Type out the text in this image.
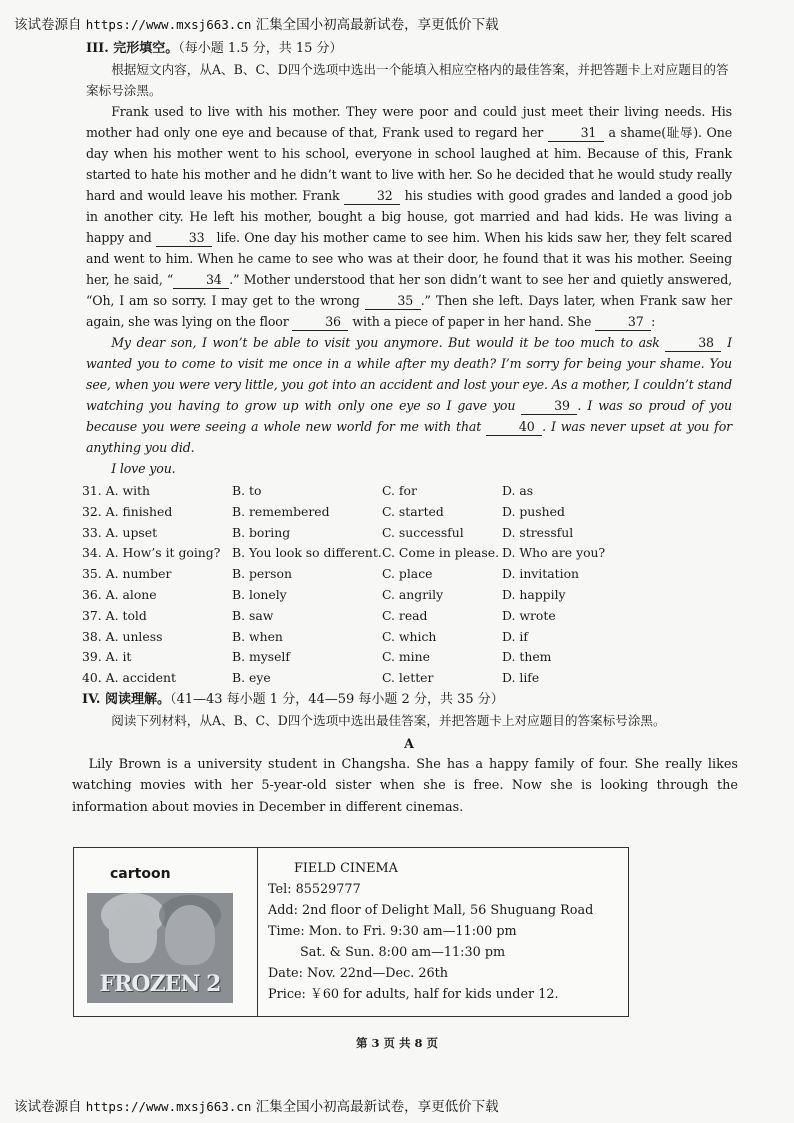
该试卷源自 https://www.mxsj663.cn 汇集全国小初高最新试卷，享更低价下载

III. 完形填空。（每小题 1.5 分，共 15 分）

根据短文内容，从A、B、C、D四个选项中选出一个能填入相应空格内的最佳答案，并把答题卡上对应题目的答案标号涂黑。

Frank used to live with his mother. They were poor and could just meet their living needs. His mother had only one eye and because of that, Frank used to regard her	31 a shame(耻辱). One day when his mother went to his school, everyone in school laughed at him. Because of this, Frank started to hate his mother and he didn’t want to live with her. So he decided that he would study really hard and would leave his mother. Frank	32 his studies with good grades and landed a good job in another city. He left his mother, bought a big house, got married and had kids. He was living a happy and	33 life. One day his mother came to see him. When his kids saw her, they felt scared and went to him. When he came to see who was at their door, he found that it was his mother. Seeing her, he said, “	34 .” Mother understood that her son didn’t want to see her and quietly answered, “Oh, I am so sorry. I may get to the wrong	35 .” Then she left. Days later, when Frank saw her again, she was lying on the floor	36 with a piece of paper in her hand. She	37 :

My dear son, I won’t be able to visit you anymore. But would it be too much to ask	38 I wanted you to come to visit me once in a while after my death? I’m sorry for being your shame. You see, when you were very little, you got into an accident and lost your eye. As a mother, I couldn’t stand watching you having to grow up with only one eye so I gave you	39 . I was so proud of you because you were seeing a whole new world for me with that	40 . I was never upset at you for anything you did.

I love you.

31. A. with	B. to	C. for	D. as
32. A. finished	B. remembered	C. started	D. pushed
33. A. upset	B. boring	C. successful	D. stressful
34. A. How’s it going? B. You look so different. C. Come in please. D. Who are you?
35. A. number	B. person	C. place	D. invitation
36. A. alone	B. lonely	C. angrily	D. happily
37. A. told	B. saw	C. read	D. wrote
38. A. unless	B. when	C. which	D. if
39. A. it	B. myself	C. mine	D. them
40. A. accident	B. eye	C. letter	D. life

IV. 阅读理解。（41—43 每小题 1 分，44—59 每小题 2 分，共 35 分）

阅读下列材料，从A、B、C、D四个选项中选出最佳答案，并把答题卡上对应题目的答案标号涂黑。

A

Lily Brown is a university student in Changsha. She has a happy family of four. She really likes watching movies with her 5-year-old sister when she is free. Now she is looking through the information about movies in December in different cinemas.

cartoon
FROZEN 2
FIELD CINEMA
Tel: 85529777
Add: 2nd floor of Delight Mall, 56 Shuguang Road
Time: Mon. to Fri. 9:30 am—11:00 pm
Sat. & Sun. 8:00 am—11:30 pm
Date: Nov. 22nd—Dec. 26th
Price: ￥60 for adults, half for kids under 12.
第 3 页 共 8 页
该试卷源自 https://www.mxsj663.cn 汇集全国小初高最新试卷，享更低价下载
